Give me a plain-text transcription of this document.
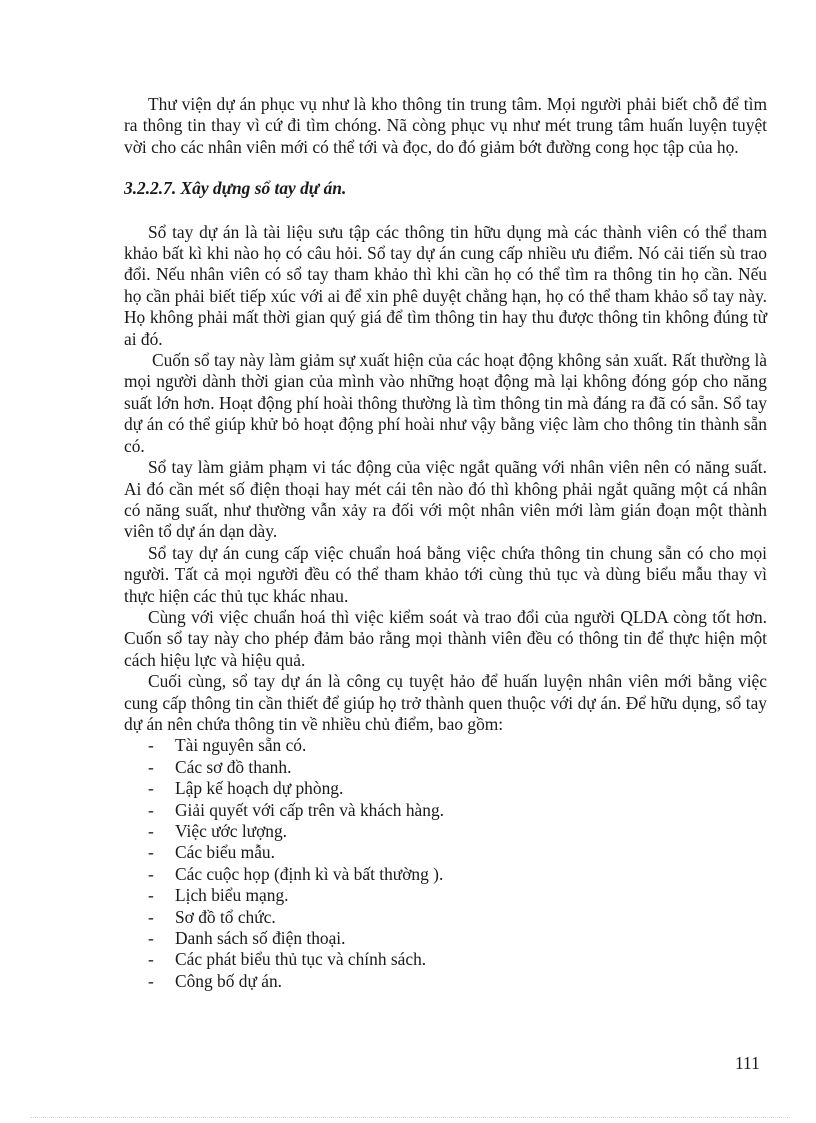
Thư viện dự án phục vụ như là kho thông tin trung tâm. Mọi người phải biết chỗ để tìm ra thông tin thay vì cứ đi tìm chóng. Nã còng phục vụ như mét trung tâm huấn luyện tuyệt vời cho các nhân viên mới có thể tới và đọc, do đó giảm bớt đường cong học tập của họ.

3.2.2.7. Xây dựng sổ tay dự án.

Sổ tay dự án là tài liệu sưu tập các thông tin hữu dụng mà các thành viên có thể tham khảo bất kì khi nào họ có câu hỏi. Sổ tay dự án cung cấp nhiều ưu điểm. Nó cải tiến sù trao đổi. Nếu nhân viên có sổ tay tham khảo thì khi cần họ có thể tìm ra thông tin họ cần. Nếu họ cần phải biết tiếp xúc với ai để xin phê duyệt chẳng hạn, họ có thể tham khảo sổ tay này. Họ không phải mất thời gian quý giá để tìm thông tin hay thu được thông tin không đúng từ ai đó.

Cuốn sổ tay này làm giảm sự xuất hiện của các hoạt động không sản xuất. Rất thường là mọi người dành thời gian của mình vào những hoạt động mà lại không đóng góp cho năng suất lớn hơn. Hoạt động phí hoài thông thường là tìm thông tin mà đáng ra đã có sẵn. Sổ tay dự án có thể giúp khử bỏ hoạt động phí hoài như vậy bằng việc làm cho thông tin thành sẵn có.

Sổ tay làm giảm phạm vi tác động của việc ngắt quãng với nhân viên nên có năng suất. Ai đó cần mét số điện thoại hay mét cái tên nào đó thì không phải ngắt quãng một cá nhân có năng suất, như thường vẫn xảy ra đối với một nhân viên mới làm gián đoạn một thành viên tổ dự án dạn dày.

Sổ tay dự án cung cấp việc chuẩn hoá bằng việc chứa thông tin chung sẵn có cho mọi người. Tất cả mọi người đều có thể tham khảo tới cùng thủ tục và dùng biểu mẫu thay vì thực hiện các thủ tục khác nhau.

Cùng với việc chuẩn hoá thì việc kiểm soát và trao đổi của người QLDA còng tốt hơn. Cuốn sổ tay này cho phép đảm bảo rằng mọi thành viên đều có thông tin để thực hiện một cách hiệu lực và hiệu quả.

Cuối cùng, sổ tay dự án là công cụ tuyệt hảo để huấn luyện nhân viên mới bằng việc cung cấp thông tin cần thiết để giúp họ trở thành quen thuộc với dự án. Để hữu dụng, sổ tay dự án nên chứa thông tin về nhiều chủ điểm, bao gồm:

- Tài nguyên sẵn có.
- Các sơ đồ thanh.
- Lập kế hoạch dự phòng.
- Giải quyết với cấp trên và khách hàng.
- Việc ước lượng.
- Các biểu mẫu.
- Các cuộc họp (định kì và bất thường ).
- Lịch biểu mạng.
- Sơ đồ tổ chức.
- Danh sách số điện thoại.
- Các phát biểu thủ tục và chính sách.
- Công bố dự án.
111
